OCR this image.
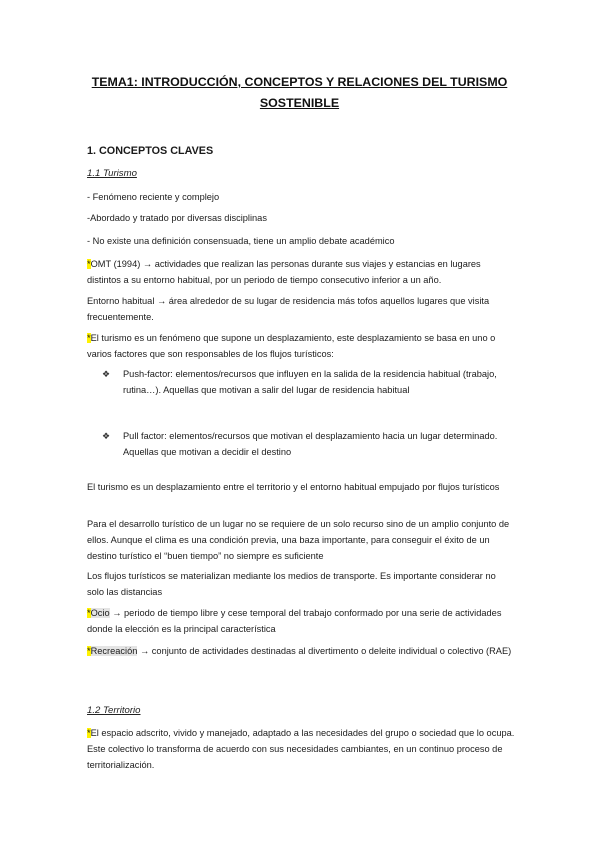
TEMA1: INTRODUCCIÓN, CONCEPTOS Y RELACIONES DEL TURISMO SOSTENIBLE
1. CONCEPTOS CLAVES
1.1 Turismo
- Fenómeno reciente y complejo
-Abordado y tratado por diversas disciplinas
- No existe una definición consensuada, tiene un amplio debate académico
*OMT (1994) → actividades que realizan las personas durante sus viajes y estancias en lugares distintos a su entorno habitual, por un periodo de tiempo consecutivo inferior a un año.
Entorno habitual → área alrededor de su lugar de residencia más tofos aquellos lugares que visita frecuentemente.
*El turismo es un fenómeno que supone un desplazamiento, este desplazamiento se basa en uno o varios factores que son responsables de los flujos turísticos:
❖ Push-factor: elementos/recursos que influyen en la salida de la residencia habitual (trabajo, rutina…). Aquellas que motivan a salir del lugar de residencia habitual
❖ Pull factor: elementos/recursos que motivan el desplazamiento hacia un lugar determinado. Aquellas que motivan a decidir el destino
El turismo es un desplazamiento entre el territorio y el entorno habitual empujado por flujos turísticos
Para el desarrollo turístico de un lugar no se requiere de un solo recurso sino de un amplio conjunto de ellos. Aunque el clima es una condición previa, una baza importante, para conseguir el éxito de un destino turístico el “buen tiempo” no siempre es suficiente
Los flujos turísticos se materializan mediante los medios de transporte. Es importante considerar no solo las distancias
*Ocio → periodo de tiempo libre y cese temporal del trabajo conformado por una serie de actividades donde la elección es la principal característica
*Recreación → conjunto de actividades destinadas al divertimento o deleite individual o colectivo (RAE)
1.2 Territorio
*El espacio adscrito, vivido y manejado, adaptado a las necesidades del grupo o sociedad que lo ocupa. Este colectivo lo transforma de acuerdo con sus necesidades cambiantes, en un continuo proceso de territorialización.
